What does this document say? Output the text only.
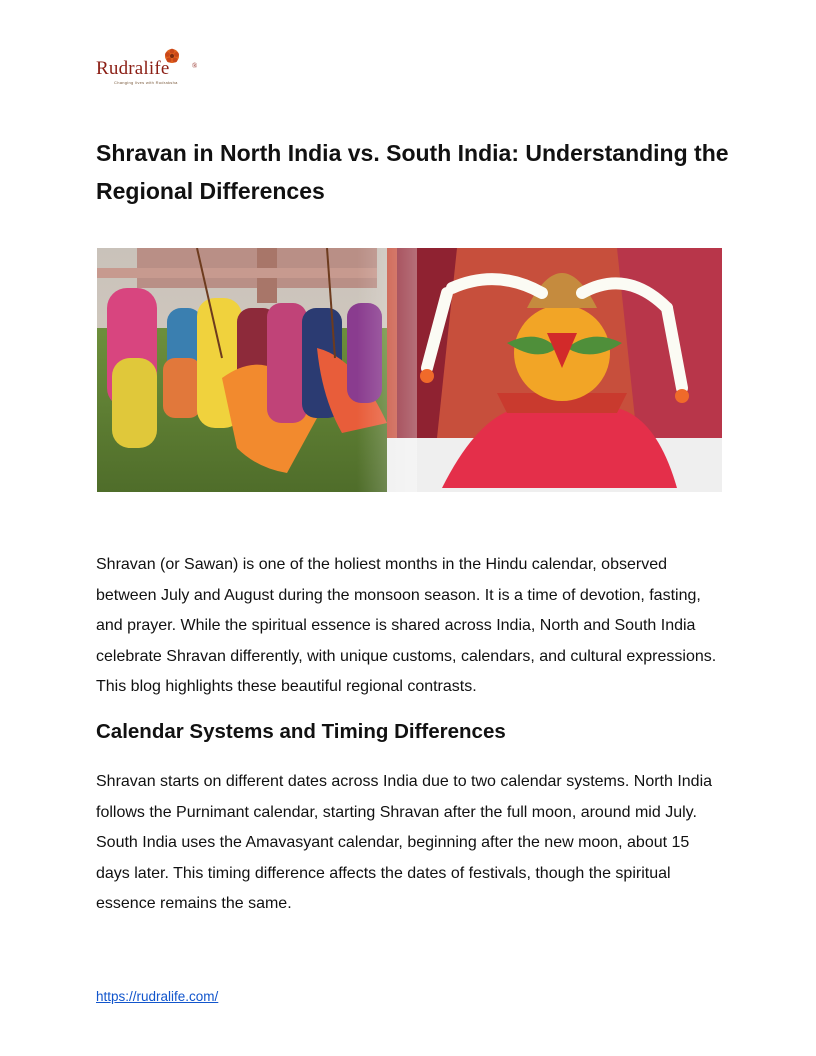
Rudralife	®
Changing lives with Rudraksha
Shravan in North India vs. South India: Understanding the Regional Differences

Shravan (or Sawan) is one of the holiest months in the Hindu calendar, observed between July and August during the monsoon season. It is a time of devotion, fasting, and prayer. While the spiritual essence is shared across India, North and South India celebrate Shravan differently, with unique customs, calendars, and cultural expressions. This blog highlights these beautiful regional contrasts.

Calendar Systems and Timing Differences

Shravan starts on different dates across India due to two calendar systems. North India follows the Purnimant calendar, starting Shravan after the full moon, around mid July. South India uses the Amavasyant calendar, beginning after the new moon, about 15 days later. This timing difference affects the dates of festivals, though the spiritual essence remains the same.

https://rudralife.com/
